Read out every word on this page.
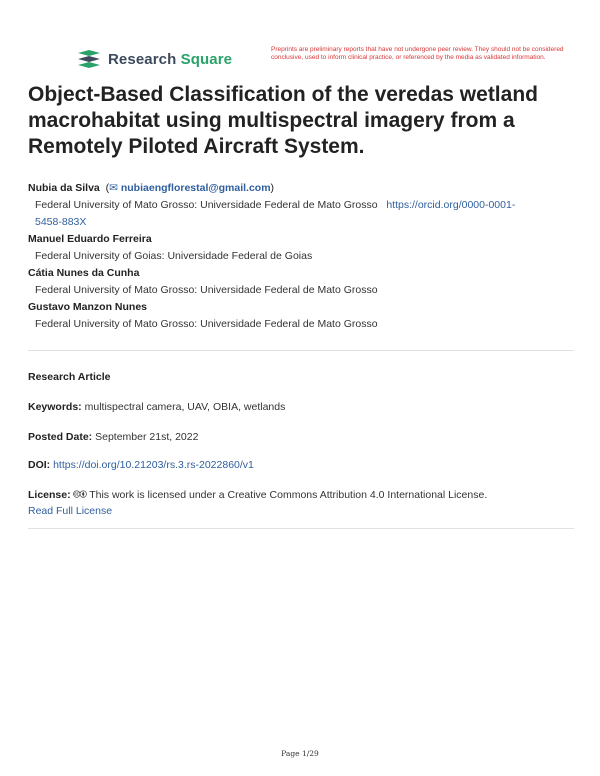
Research Square
Preprints are preliminary reports that have not undergone peer review. They should not be considered conclusive, used to inform clinical practice, or referenced by the media as validated information.
Object-Based Classification of the veredas wetland macrohabitat using multispectral imagery from a Remotely Piloted Aircraft System.
Nubia da Silva  (✉ nubiaengflorestal@gmail.com)
Federal University of Mato Grosso: Universidade Federal de Mato Grosso https://orcid.org/0000-0001-
5458-883X
Manuel Eduardo Ferreira
Federal University of Goias: Universidade Federal de Goias
Cátia Nunes da Cunha
Federal University of Mato Grosso: Universidade Federal de Mato Grosso
Gustavo Manzon Nunes
Federal University of Mato Grosso: Universidade Federal de Mato Grosso
Research Article
Keywords: multispectral camera, UAV, OBIA, wetlands
Posted Date: September 21st, 2022
DOI: https://doi.org/10.21203/rs.3.rs-2022860/v1
License: 🅭🅯 This work is licensed under a Creative Commons Attribution 4.0 International License.
Read Full License
Page 1/29
